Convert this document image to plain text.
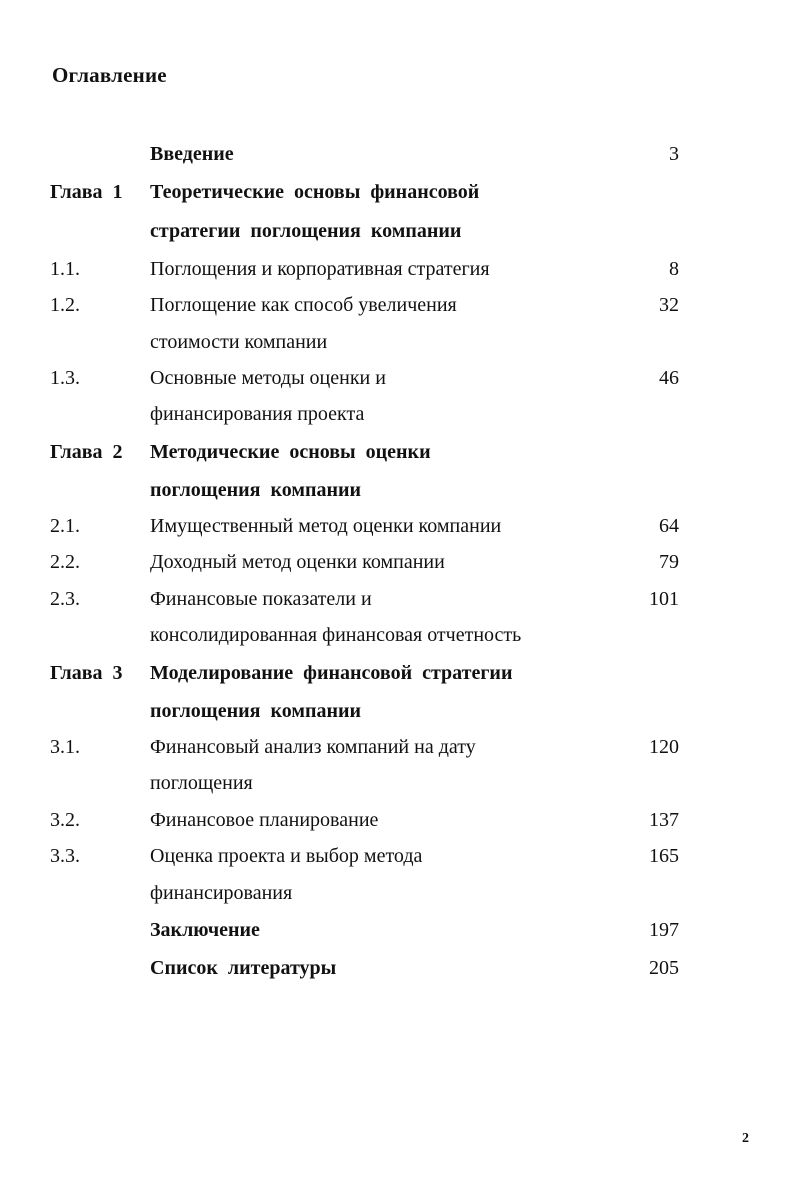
Оглавление
Введение	3
Глава 1 Теоретические основы финансовой
стратегии поглощения компании
1.1.	Поглощения и корпоративная стратегия	8
1.2.	Поглощение как способ увеличения	32
стоимости компании
1.3.	Основные методы оценки и	46
финансирования проекта
Глава 2 Методические основы оценки
поглощения компании
2.1.	Имущественный метод оценки компании	64
2.2.	Доходный метод оценки компании	79
2.3.	Финансовые показатели и	101
консолидированная финансовая отчетность
Глава 3 Моделирование финансовой стратегии
поглощения компании
3.1.	Финансовый анализ компаний на дату	120
поглощения
3.2.	Финансовое планирование	137
3.3.	Оценка проекта и выбор метода	165
финансирования
Заключение	197
Список литературы	205
2
